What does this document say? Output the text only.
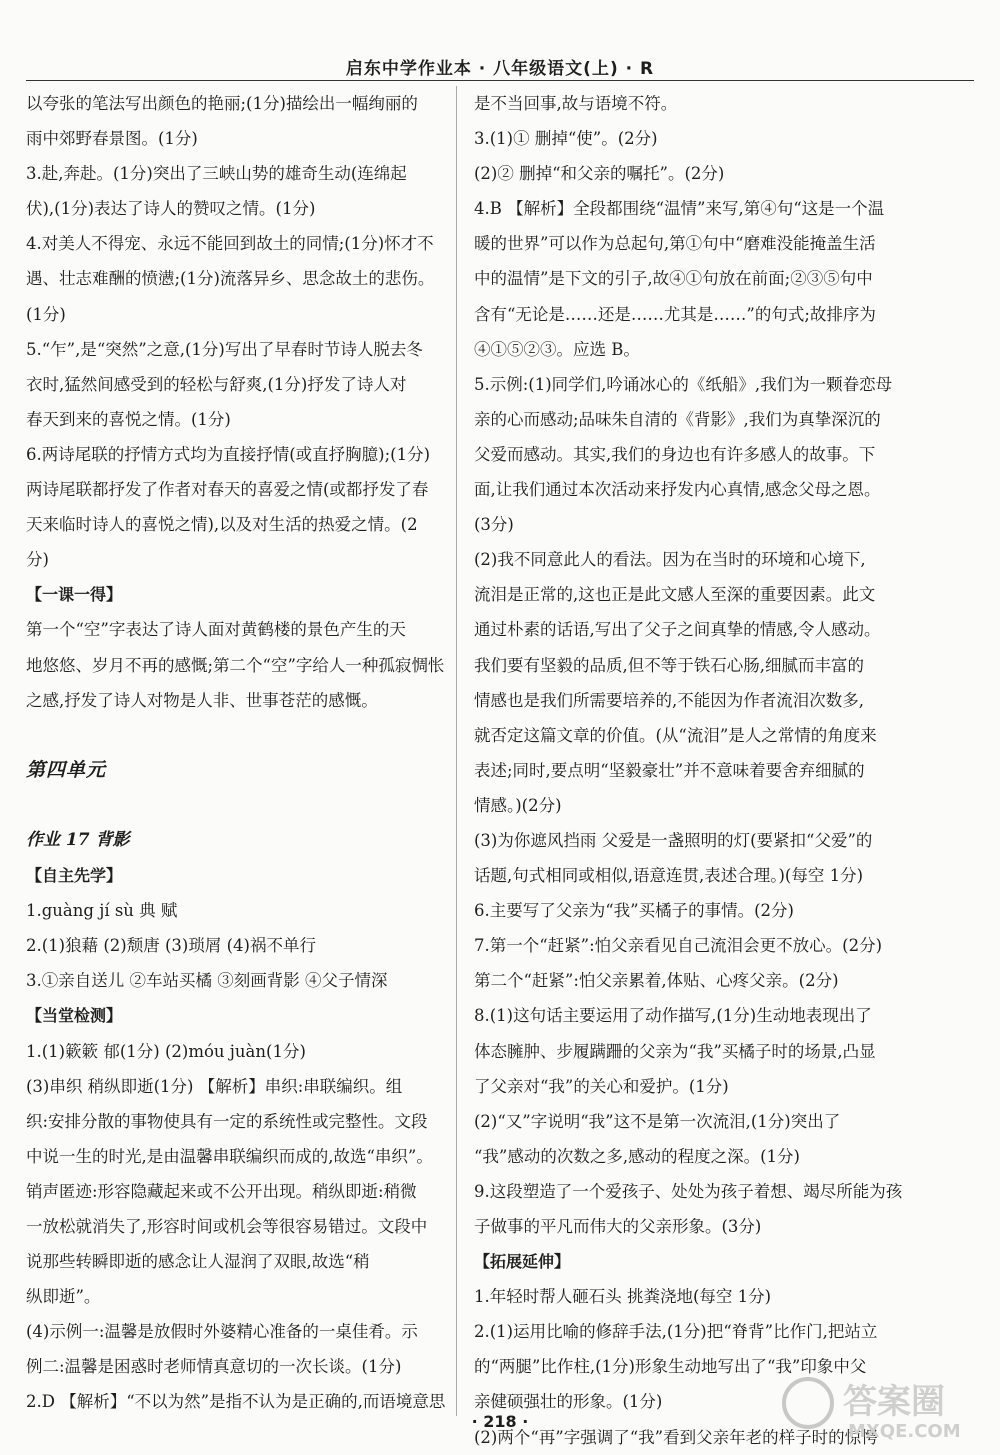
启东中学作业本 · 八年级语文(上) · R
以夸张的笔法写出颜色的艳丽;(1分)描绘出一幅绚丽的
雨中郊野春景图。(1分)
3.赴,奔赴。(1分)突出了三峡山势的雄奇生动(连绵起
伏),(1分)表达了诗人的赞叹之情。(1分)
4.对美人不得宠、永远不能回到故土的同情;(1分)怀才不
遇、壮志难酬的愤懑;(1分)流落异乡、思念故土的悲伤。
(1分)
5.“乍”,是“突然”之意,(1分)写出了早春时节诗人脱去冬
衣时,猛然间感受到的轻松与舒爽,(1分)抒发了诗人对
春天到来的喜悦之情。(1分)
6.两诗尾联的抒情方式均为直接抒情(或直抒胸臆);(1分)
两诗尾联都抒发了作者对春天的喜爱之情(或都抒发了春
天来临时诗人的喜悦之情),以及对生活的热爱之情。(2
分)
【一课一得】
第一个“空”字表达了诗人面对黄鹤楼的景色产生的天
地悠悠、岁月不再的感慨;第二个“空”字给人一种孤寂惆怅
之感,抒发了诗人对物是人非、世事苍茫的感慨。
第四单元
作业 17 背影
【自主先学】
1.guàng jí sù 典 赋
2.(1)狼藉 (2)颓唐 (3)琐屑 (4)祸不单行
3.①亲自送儿 ②车站买橘 ③刻画背影 ④父子情深
【当堂检测】
1.(1)簌簌 郁(1分) (2)móu juàn(1分)
(3)串织 稍纵即逝(1分) 【解析】串织:串联编织。组
织:安排分散的事物使具有一定的系统性或完整性。文段
中说一生的时光,是由温馨串联编织而成的,故选“串织”。
销声匿迹:形容隐藏起来或不公开出现。稍纵即逝:稍微
一放松就消失了,形容时间或机会等很容易错过。文段中
说那些转瞬即逝的感念让人湿润了双眼,故选“稍
纵即逝”。
(4)示例一:温馨是放假时外婆精心准备的一桌佳肴。示
例二:温馨是困惑时老师情真意切的一次长谈。(1分)
2.D 【解析】“不以为然”是指不认为是正确的,而语境意思
是不当回事,故与语境不符。
3.(1)① 删掉“使”。(2分)
(2)② 删掉“和父亲的嘱托”。(2分)
4.B 【解析】全段都围绕“温情”来写,第④句“这是一个温
暖的世界”可以作为总起句,第①句中“磨难没能掩盖生活
中的温情”是下文的引子,故④①句放在前面;②③⑤句中
含有“无论是……还是……尤其是……”的句式;故排序为
④①⑤②③。应选 B。
5.示例:(1)同学们,吟诵冰心的《纸船》,我们为一颗眷恋母
亲的心而感动;品味朱自清的《背影》,我们为真挚深沉的
父爱而感动。其实,我们的身边也有许多感人的故事。下
面,让我们通过本次活动来抒发内心真情,感念父母之恩。
(3分)
(2)我不同意此人的看法。因为在当时的环境和心境下,
流泪是正常的,这也正是此文感人至深的重要因素。此文
通过朴素的话语,写出了父子之间真挚的情感,令人感动。
我们要有坚毅的品质,但不等于铁石心肠,细腻而丰富的
情感也是我们所需要培养的,不能因为作者流泪次数多,
就否定这篇文章的价值。(从“流泪”是人之常情的角度来
表述;同时,要点明“坚毅豪壮”并不意味着要舍弃细腻的
情感。)(2分)
(3)为你遮风挡雨 父爱是一盏照明的灯(要紧扣“父爱”的
话题,句式相同或相似,语意连贯,表述合理。)(每空 1分)
6.主要写了父亲为“我”买橘子的事情。(2分)
7.第一个“赶紧”:怕父亲看见自己流泪会更不放心。(2分)
第二个“赶紧”:怕父亲累着,体贴、心疼父亲。(2分)
8.(1)这句话主要运用了动作描写,(1分)生动地表现出了
体态臃肿、步履蹒跚的父亲为“我”买橘子时的场景,凸显
了父亲对“我”的关心和爱护。(1分)
(2)“又”字说明“我”这不是第一次流泪,(1分)突出了
“我”感动的次数之多,感动的程度之深。(1分)
9.这段塑造了一个爱孩子、处处为孩子着想、竭尽所能为孩
子做事的平凡而伟大的父亲形象。(3分)
【拓展延伸】
1.年轻时帮人砸石头 挑粪浇地(每空 1分)
2.(1)运用比喻的修辞手法,(1分)把“脊背”比作门,把站立
的“两腿”比作柱,(1分)形象生动地写出了“我”印象中父
亲健硕强壮的形象。(1分)
(2)两个“再”字强调了“我”看到父亲年老的样子时的惊愕
· 218 ·	答案圈
MXQE.COM
